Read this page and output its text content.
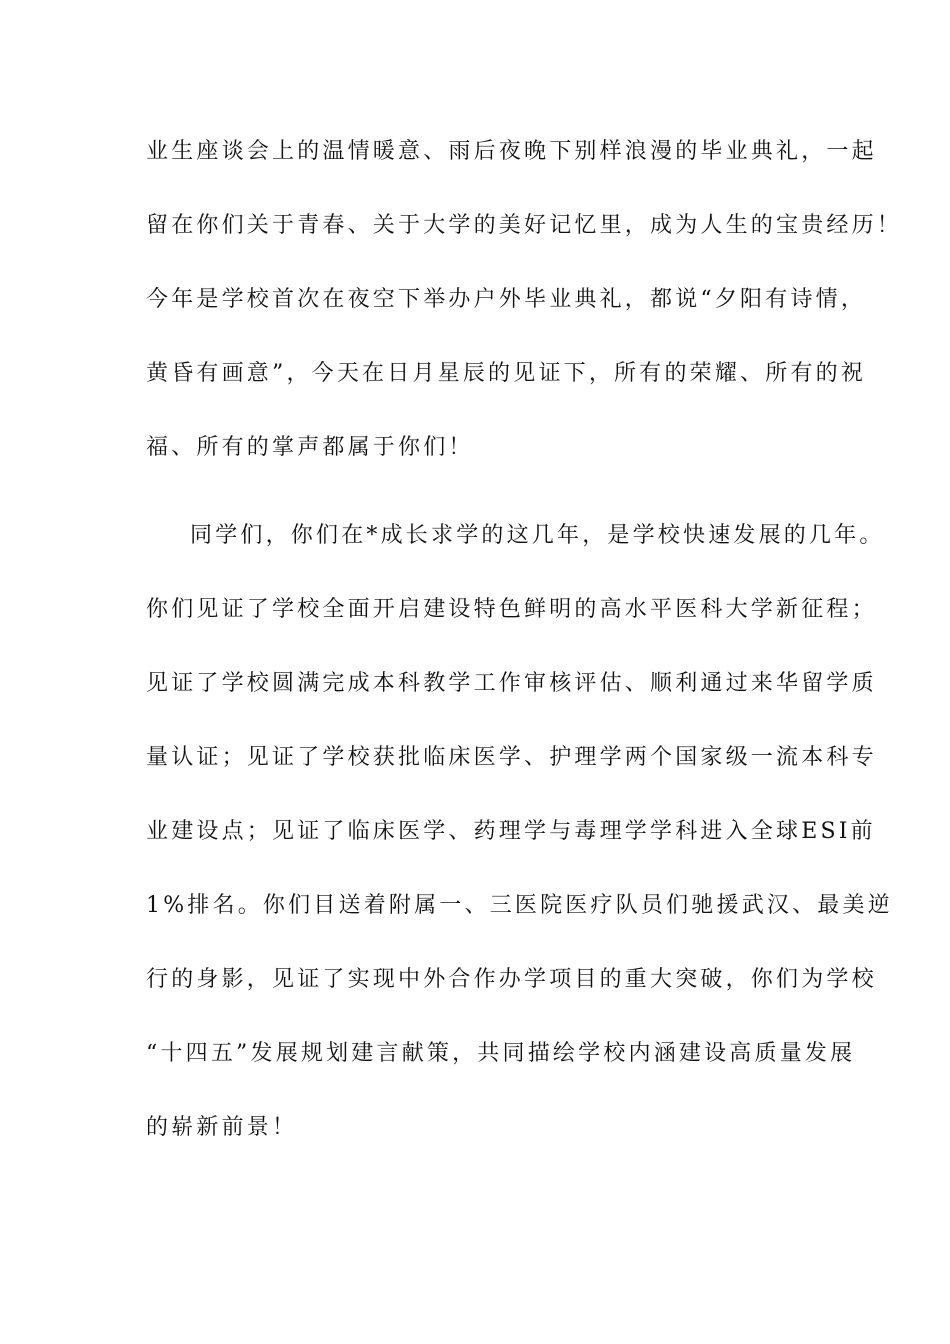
业生座谈会上的温情暖意、雨后夜晚下别样浪漫的毕业典礼，一起
留在你们关于青春、关于大学的美好记忆里，成为人生的宝贵经历！
今年是学校首次在夜空下举办户外毕业典礼，都说“夕阳有诗情，
黄昏有画意”，今天在日月星辰的见证下，所有的荣耀、所有的祝
福、所有的掌声都属于你们！
同学们，你们在*成长求学的这几年，是学校快速发展的几年。
你们见证了学校全面开启建设特色鲜明的高水平医科大学新征程；
见证了学校圆满完成本科教学工作审核评估、顺利通过来华留学质
量认证；见证了学校获批临床医学、护理学两个国家级一流本科专
业建设点；见证了临床医学、药理学与毒理学学科进入全球ESI前
1%排名。你们目送着附属一、三医院医疗队员们驰援武汉、最美逆
行的身影，见证了实现中外合作办学项目的重大突破，你们为学校
“十四五”发展规划建言献策，共同描绘学校内涵建设高质量发展
的崭新前景！
